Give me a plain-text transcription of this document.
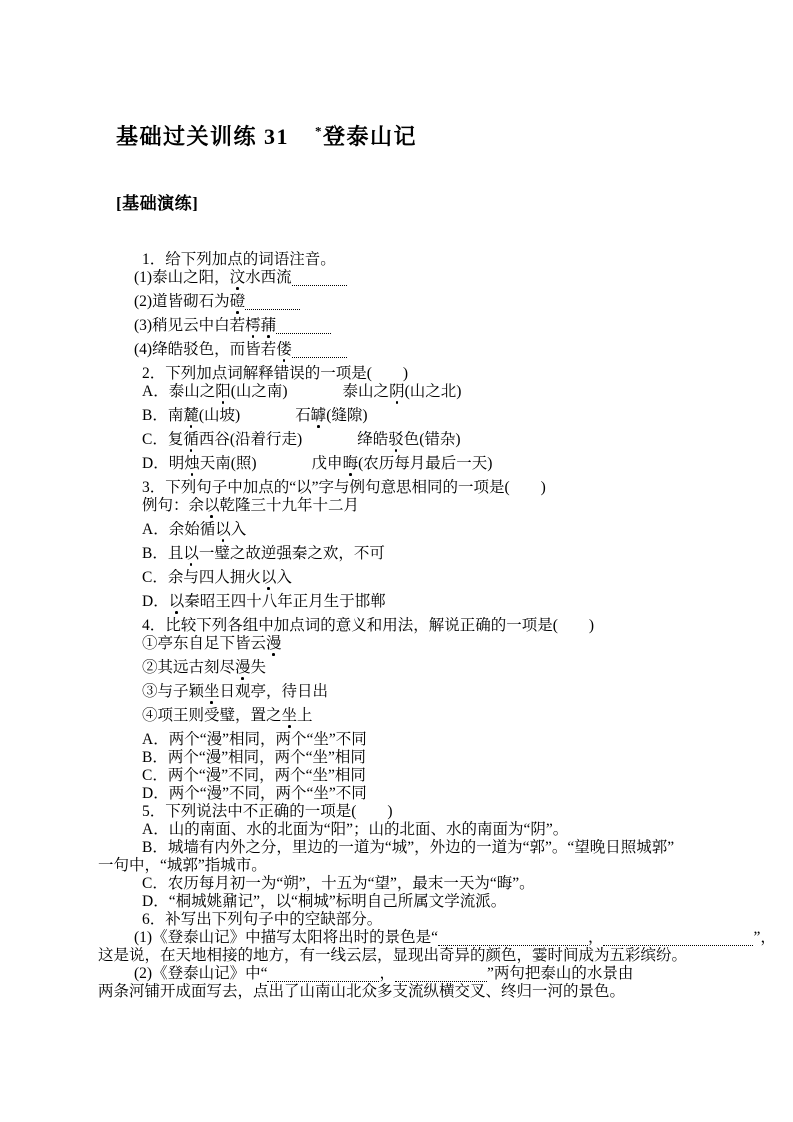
基础过关训练 31 *登泰山记
[基础演练]
1．给下列加点的词语注音。
(1)泰山之阳，汶水西流
(2)道皆砌石为磴
(3)稍见云中白若樗蒱
(4)绛皓驳色，而皆若偻
2．下列加点词解释错误的一项是(　　)
A．泰山之阳(山之南)	泰山之阴(山之北)
B．南麓(山坡)	石罅(缝隙)
C．复循西谷(沿着行走)	绛皓驳色(错杂)
D．明烛天南(照)	戊申晦(农历每月最后一天)
3．下列句子中加点的“以”字与例句意思相同的一项是(　　)
例句：余以乾隆三十九年十二月
A．余始循以入
B．且以一璧之故逆强秦之欢，不可
C．余与四人拥火以入
D．以秦昭王四十八年正月生于邯郸
4．比较下列各组中加点词的意义和用法，解说正确的一项是(　　)
①亭东自足下皆云漫
②其远古刻尽漫失
③与子颖坐日观亭，待日出
④项王则受璧，置之坐上
A．两个“漫”相同，两个“坐”不同
B．两个“漫”相同，两个“坐”相同
C．两个“漫”不同，两个“坐”相同
D．两个“漫”不同，两个“坐”不同
5．下列说法中不正确的一项是(　　)
A．山的南面、水的北面为“阳”；山的北面、水的南面为“阴”。
B．城墙有内外之分，里边的一道为“城”，外边的一道为“郭”。“望晚日照城郭”
一句中，“城郭”指城市。
C．农历每月初一为“朔”，十五为“望”，最末一天为“晦”。
D．“桐城姚鼐记”，以“桐城”标明自己所属文学流派。
6．补写出下列句子中的空缺部分。
(1)《登泰山记》中描写太阳将出时的景色是“	，	”，
这是说，在天地相接的地方，有一线云层，显现出奇异的颜色，霎时间成为五彩缤纷。
(2)《登泰山记》中“	，	”两句把泰山的水景由
两条河铺开成面写去，点出了山南山北众多支流纵横交叉、终归一河的景色。
